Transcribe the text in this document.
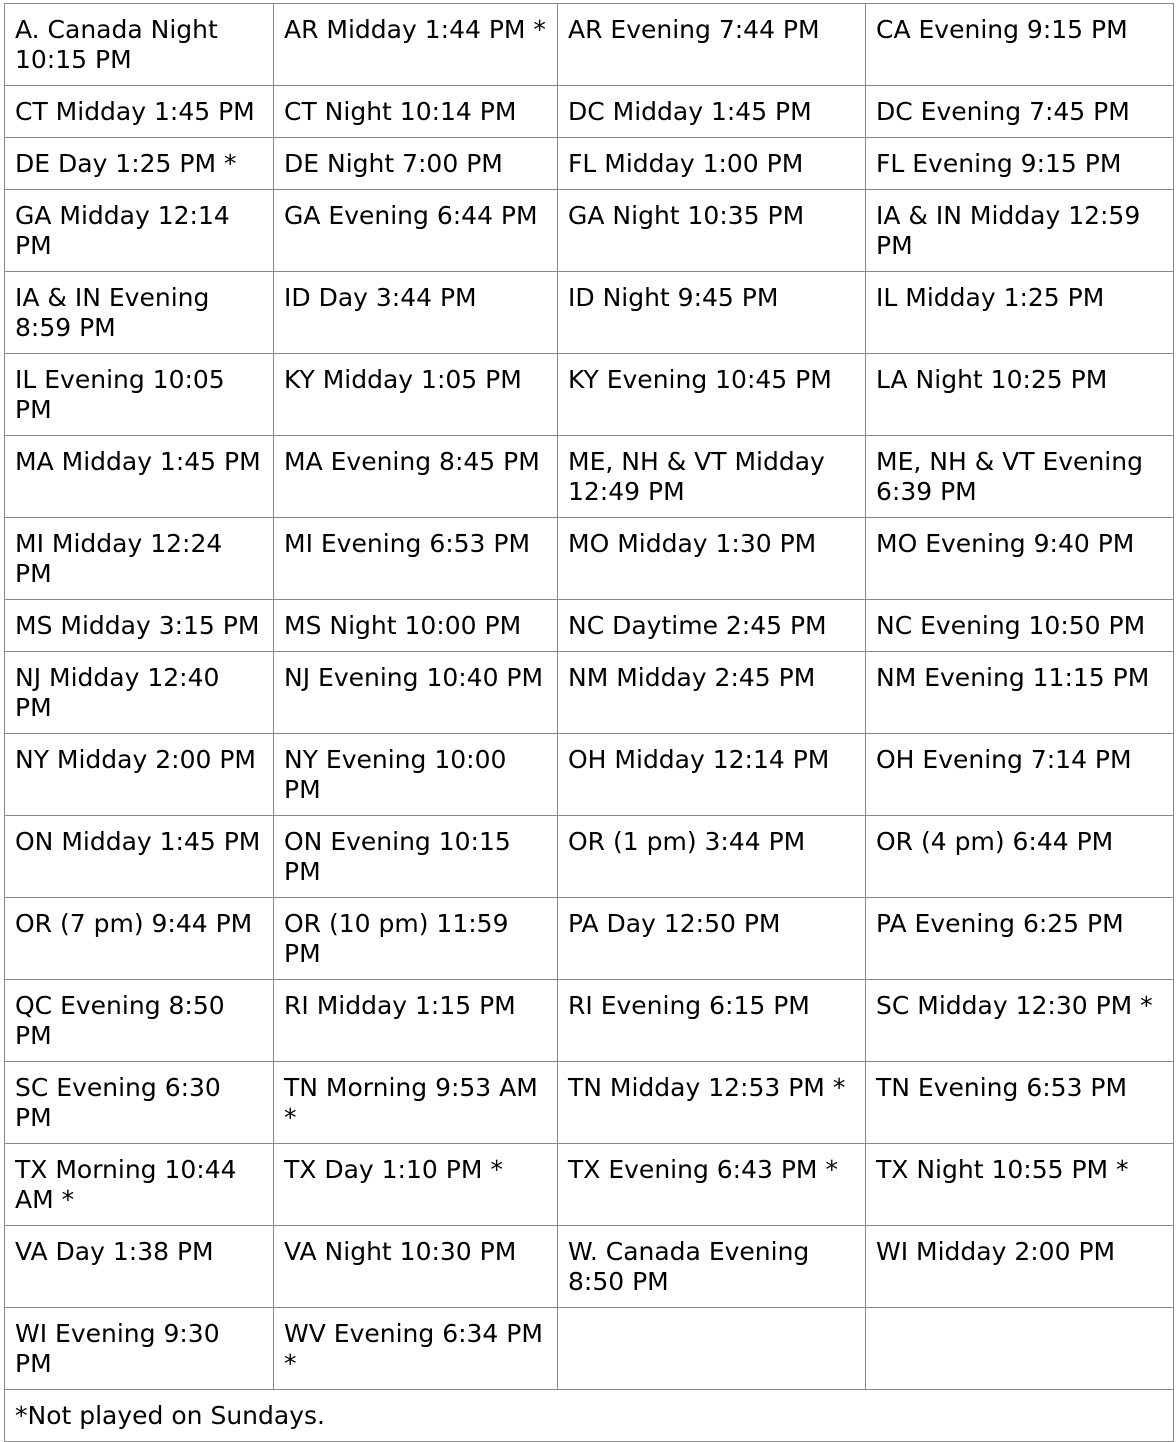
A. Canada Night 10:15 PM	AR Midday 1:44 PM *	AR Evening 7:44 PM	CA Evening 9:15 PM
CT Midday 1:45 PM	CT Night 10:14 PM	DC Midday 1:45 PM	DC Evening 7:45 PM
DE Day 1:25 PM *	DE Night 7:00 PM	FL Midday 1:00 PM	FL Evening 9:15 PM
GA Midday 12:14 PM	GA Evening 6:44 PM	GA Night 10:35 PM	IA & IN Midday 12:59 PM
IA & IN Evening 8:59 PM	ID Day 3:44 PM	ID Night 9:45 PM	IL Midday 1:25 PM
IL Evening 10:05 PM	KY Midday 1:05 PM	KY Evening 10:45 PM	LA Night 10:25 PM
MA Midday 1:45 PM	MA Evening 8:45 PM	ME, NH & VT Midday 12:49 PM	ME, NH & VT Evening 6:39 PM
MI Midday 12:24 PM	MI Evening 6:53 PM	MO Midday 1:30 PM	MO Evening 9:40 PM
MS Midday 3:15 PM	MS Night 10:00 PM	NC Daytime 2:45 PM	NC Evening 10:50 PM
NJ Midday 12:40 PM	NJ Evening 10:40 PM	NM Midday 2:45 PM	NM Evening 11:15 PM
NY Midday 2:00 PM	NY Evening 10:00 PM	OH Midday 12:14 PM	OH Evening 7:14 PM
ON Midday 1:45 PM	ON Evening 10:15 PM	OR (1 pm) 3:44 PM	OR (4 pm) 6:44 PM
OR (7 pm) 9:44 PM	OR (10 pm) 11:59 PM	PA Day 12:50 PM	PA Evening 6:25 PM
QC Evening 8:50 PM	RI Midday 1:15 PM	RI Evening 6:15 PM	SC Midday 12:30 PM *
SC Evening 6:30 PM	TN Morning 9:53 AM *	TN Midday 12:53 PM *	TN Evening 6:53 PM
TX Morning 10:44 AM *	TX Day 1:10 PM *	TX Evening 6:43 PM *	TX Night 10:55 PM *
VA Day 1:38 PM	VA Night 10:30 PM	W. Canada Evening 8:50 PM	WI Midday 2:00 PM
WI Evening 9:30 PM	WV Evening 6:34 PM *		
*Not played on Sundays.			
